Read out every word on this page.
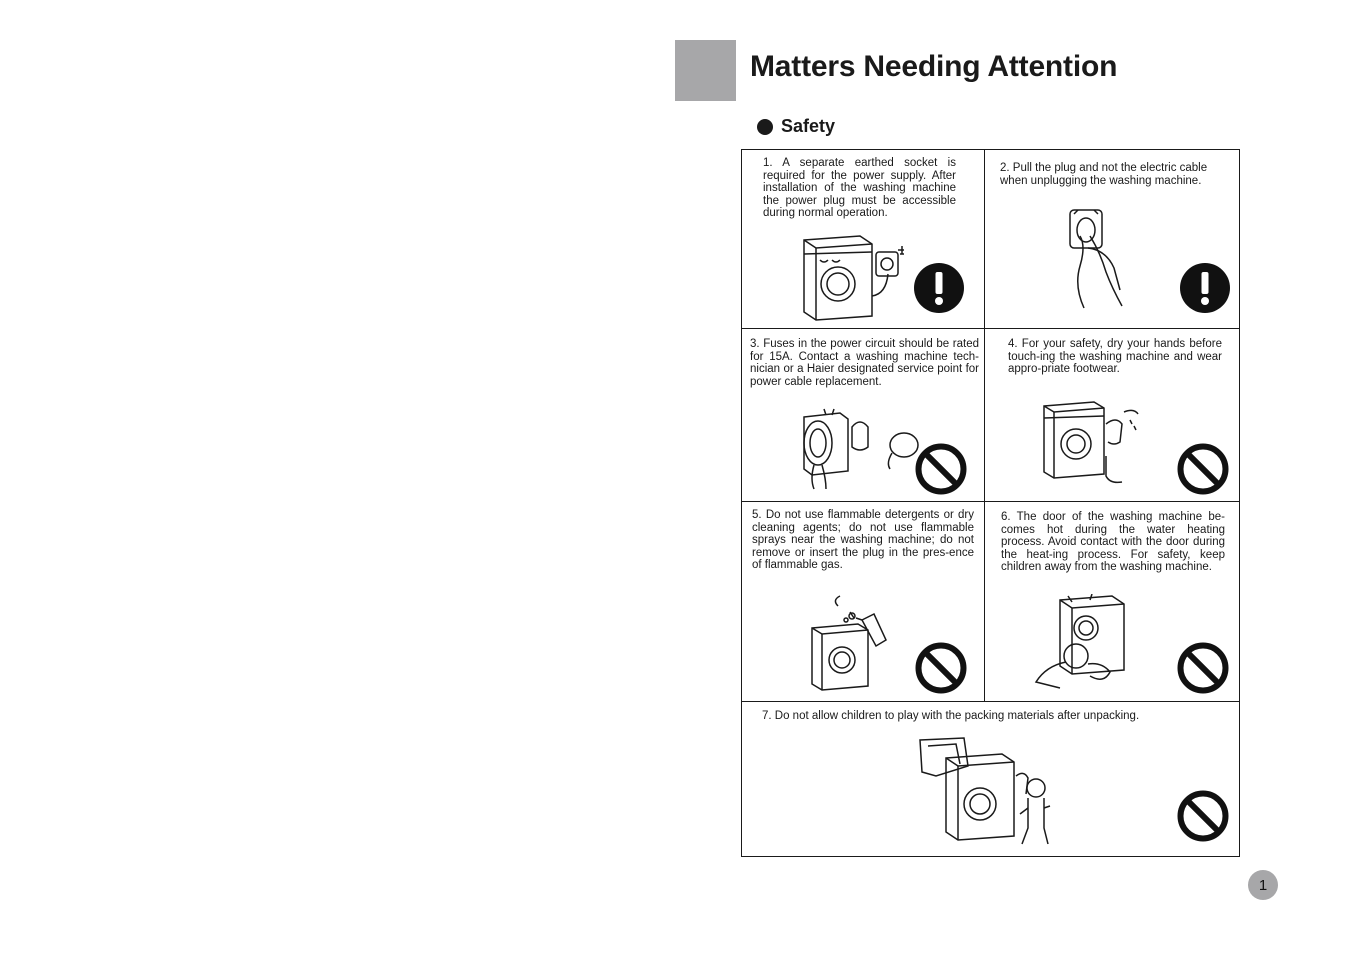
Matters Needing Attention
Safety
1. A separate earthed socket is required for the power supply. After installation of the washing machine the power plug must be accessible during normal operation.
2. Pull the plug and not the electric cable when unplugging the washing machine.
3. Fuses in the power circuit should be rated for 15A. Contact a washing machine tech-nician or a Haier designated service point for power cable replacement.
4. For your safety, dry your hands before touch-ing the washing machine and wear appro-priate footwear.
5. Do not use flammable detergents or dry cleaning agents; do not use flammable sprays near the washing machine; do not remove or insert the plug in the pres-ence of flammable gas.
6. The door of the washing machine be-comes hot during the water heating process. Avoid contact with the door during the heat-ing process. For safety, keep children away from the washing machine.
7. Do not allow children to play with the packing materials after unpacking.
1
